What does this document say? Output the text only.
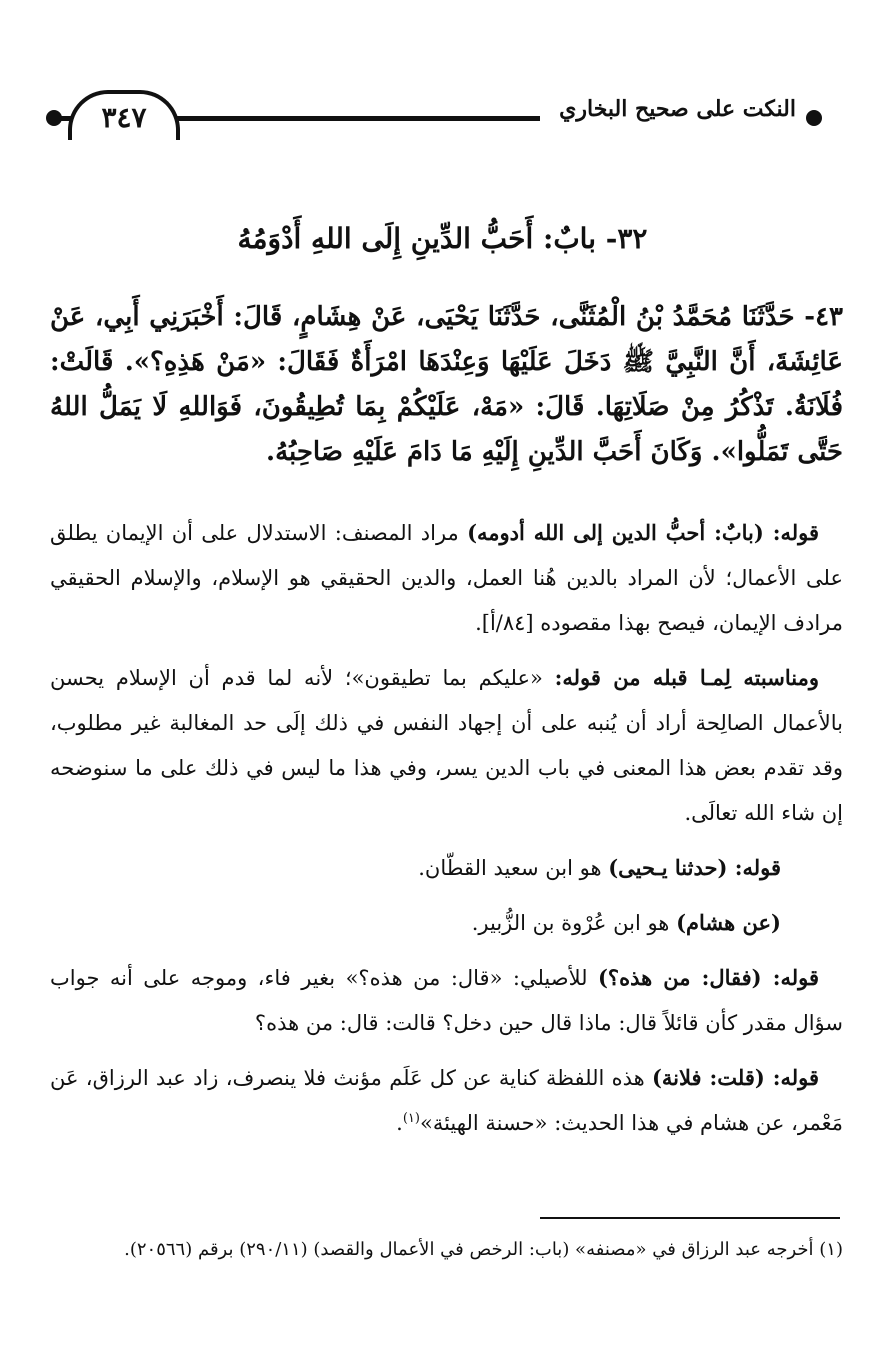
النكت على صحيح البخاري
٣٤٧
٣٢- بابٌ: أَحَبُّ الدِّينِ إِلَى اللهِ أَدْوَمُهُ
٤٣- حَدَّثَنَا مُحَمَّدُ بْنُ الْمُثَنَّى، حَدَّثَنَا يَحْيَى، عَنْ هِشَامٍ، قَالَ: أَخْبَرَنِي أَبِي، عَنْ عَائِشَةَ، أَنَّ النَّبِيَّ ﷺ دَخَلَ عَلَيْهَا وَعِنْدَهَا امْرَأَةٌ فَقَالَ: «مَنْ هَذِهِ؟». قَالَتْ: فُلَانَةُ. تَذْكُرُ مِنْ صَلَاتِهَا. قَالَ: «مَهْ، عَلَيْكُمْ بِمَا تُطِيقُونَ، فَوَاللهِ لَا يَمَلُّ اللهُ حَتَّى تَمَلُّوا». وَكَانَ أَحَبَّ الدِّينِ إِلَيْهِ مَا دَامَ عَلَيْهِ صَاحِبُهُ.

قوله: (بابٌ: أحبُّ الدين إلى الله أدومه) مراد المصنف: الاستدلال على أن الإيمان يطلق على الأعمال؛ لأن المراد بالدين هُنا العمل، والدين الحقيقي هو الإسلام، والإسلام الحقيقي مرادف الإيمان، فيصح بهذا مقصوده [٨٤/أ].

ومناسبته لِمـا قبله من قوله: «عليكم بما تطيقون»؛ لأنه لما قدم أن الإسلام يحسن بالأعمال الصالِحة أراد أن يُنبه على أن إجهاد النفس في ذلك إلَى حد المغالبة غير مطلوب، وقد تقدم بعض هذا المعنى في باب الدين يسر، وفي هذا ما ليس في ذلك على ما سنوضحه إن شاء الله تعالَى.

قوله: (حدثنا يـحيى) هو ابن سعيد القطّان.

(عن هشام) هو ابن عُرْوة بن الزُّبير.

قوله: (فقال: من هذه؟) للأصيلي: «قال: من هذه؟» بغير فاء، وموجه على أنه جواب سؤال مقدر كأن قائلاً قال: ماذا قال حين دخل؟ قالت: قال: من هذه؟

قوله: (قلت: فلانة) هذه اللفظة كناية عن كل عَلَم مؤنث فلا ينصرف، زاد عبد الرزاق، عَن مَعْمر، عن هشام في هذا الحديث: «حسنة الهيئة»$^{(١)}$.

(١) أخرجه عبد الرزاق في «مصنفه» (باب: الرخص في الأعمال والقصد) (٢٩٠/١١) برقم (٢٠٥٦٦).
